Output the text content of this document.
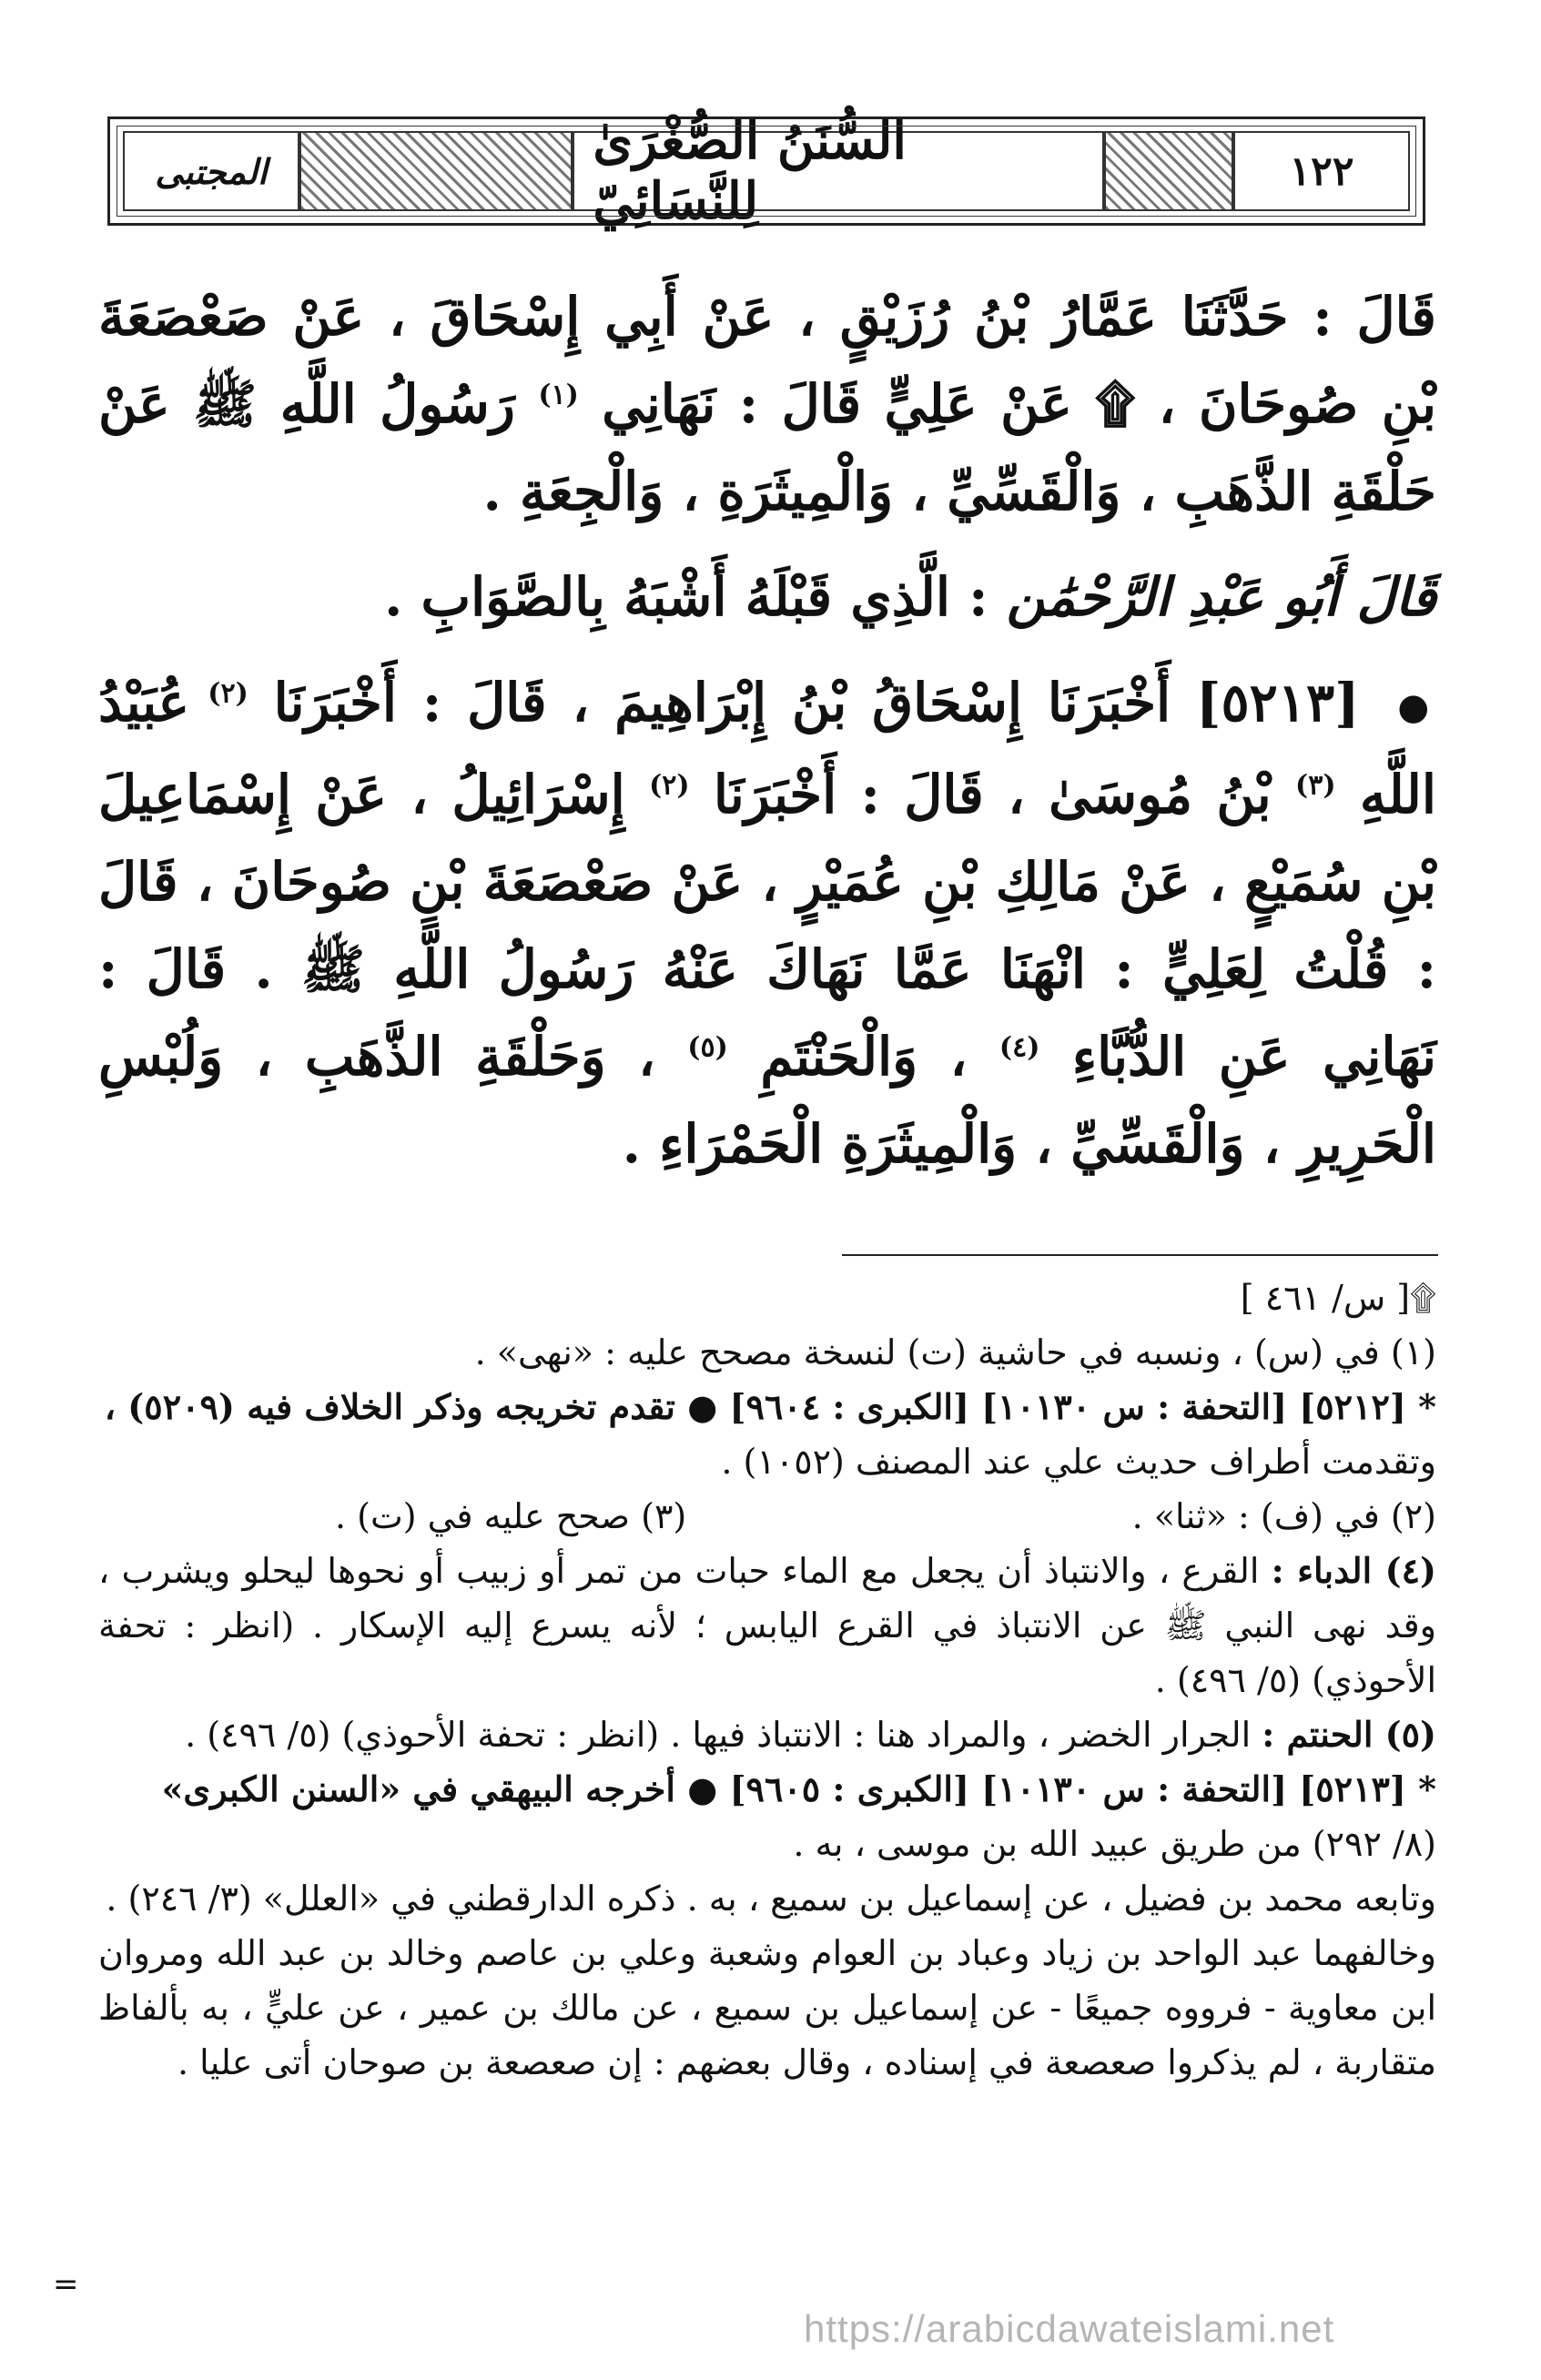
المجتبى	السُّنَنُ الصُّغْرَىٰ لِلنَّسَائِيّ	١٢٢

قَالَ : حَدَّثَنَا عَمَّارُ بْنُ رُزَيْقٍ ، عَنْ أَبِي إِسْحَاقَ ، عَنْ صَعْصَعَةَ بْنِ صُوحَانَ ، ۩ عَنْ عَلِيٍّ قَالَ : نَهَانِي $^{(١)}$ رَسُولُ اللَّهِ ﷺ عَنْ حَلْقَةِ الذَّهَبِ ، وَالْقَسِّيِّ ، وَالْمِيثَرَةِ ، وَالْجِعَةِ .

قَالَ أَبُو عَبْدِ الرَّحْمَٰن : الَّذِي قَبْلَهُ أَشْبَهُ بِالصَّوَابِ .

● [٥٢١٣] أَخْبَرَنَا إِسْحَاقُ بْنُ إِبْرَاهِيمَ ، قَالَ : أَخْبَرَنَا $^{(٢)}$ عُبَيْدُ اللَّهِ $^{(٣)}$ بْنُ مُوسَىٰ ، قَالَ : أَخْبَرَنَا $^{(٢)}$ إِسْرَائِيلُ ، عَنْ إِسْمَاعِيلَ بْنِ سُمَيْعٍ ، عَنْ مَالِكِ بْنِ عُمَيْرٍ ، عَنْ صَعْصَعَةَ بْنِ صُوحَانَ ، قَالَ : قُلْتُ لِعَلِيٍّ : انْهَنَا عَمَّا نَهَاكَ عَنْهُ رَسُولُ اللَّهِ ﷺ . قَالَ : نَهَانِي عَنِ الدُّبَّاءِ $^{(٤)}$ ، وَالْحَنْتَمِ $^{(٥)}$ ، وَحَلْقَةِ الذَّهَبِ ، وَلُبْسِ الْحَرِيرِ ، وَالْقَسِّيِّ ، وَالْمِيثَرَةِ الْحَمْرَاءِ .

۩[ س/ ٤٦١ ]

(١) في (س) ، ونسبه في حاشية (ت) لنسخة مصحح عليه : «نهى» .

* [٥٢١٢] [التحفة : س ١٠١٣٠] [الكبرى : ٩٦٠٤] ● تقدم تخريجه وذكر الخلاف فيه (٥٢٠٩) ،

وتقدمت أطراف حديث علي عند المصنف (١٠٥٢) .

(٢) في (ف) : «ثنا» .
(٣) صحح عليه في (ت) .

(٤) الدباء : القرع ، والانتباذ أن يجعل مع الماء حبات من تمر أو زبيب أو نحوها ليحلو ويشرب ، وقد نهى النبي ﷺ عن الانتباذ في القرع اليابس ؛ لأنه يسرع إليه الإسكار . (انظر : تحفة الأحوذي) (٥/ ٤٩٦) .

(٥) الحنتم : الجرار الخضر ، والمراد هنا : الانتباذ فيها . (انظر : تحفة الأحوذي) (٥/ ٤٩٦) .

* [٥٢١٣] [التحفة : س ١٠١٣٠] [الكبرى : ٩٦٠٥] ● أخرجه البيهقي في «السنن الكبرى»

(٨/ ٢٩٢) من طريق عبيد الله بن موسى ، به .

وتابعه محمد بن فضيل ، عن إسماعيل بن سميع ، به . ذكره الدارقطني في «العلل» (٣/ ٢٤٦) .

وخالفهما عبد الواحد بن زياد وعباد بن العوام وشعبة وعلي بن عاصم وخالد بن عبد الله ومروان ابن معاوية - فرووه جميعًا - عن إسماعيل بن سميع ، عن مالك بن عمير ، عن عليٍّ ، به بألفاظ متقاربة ، لم يذكروا صعصعة في إسناده ، وقال بعضهم : إن صعصعة بن صوحان أتى عليا .

=
https://arabicdawateislami.net
